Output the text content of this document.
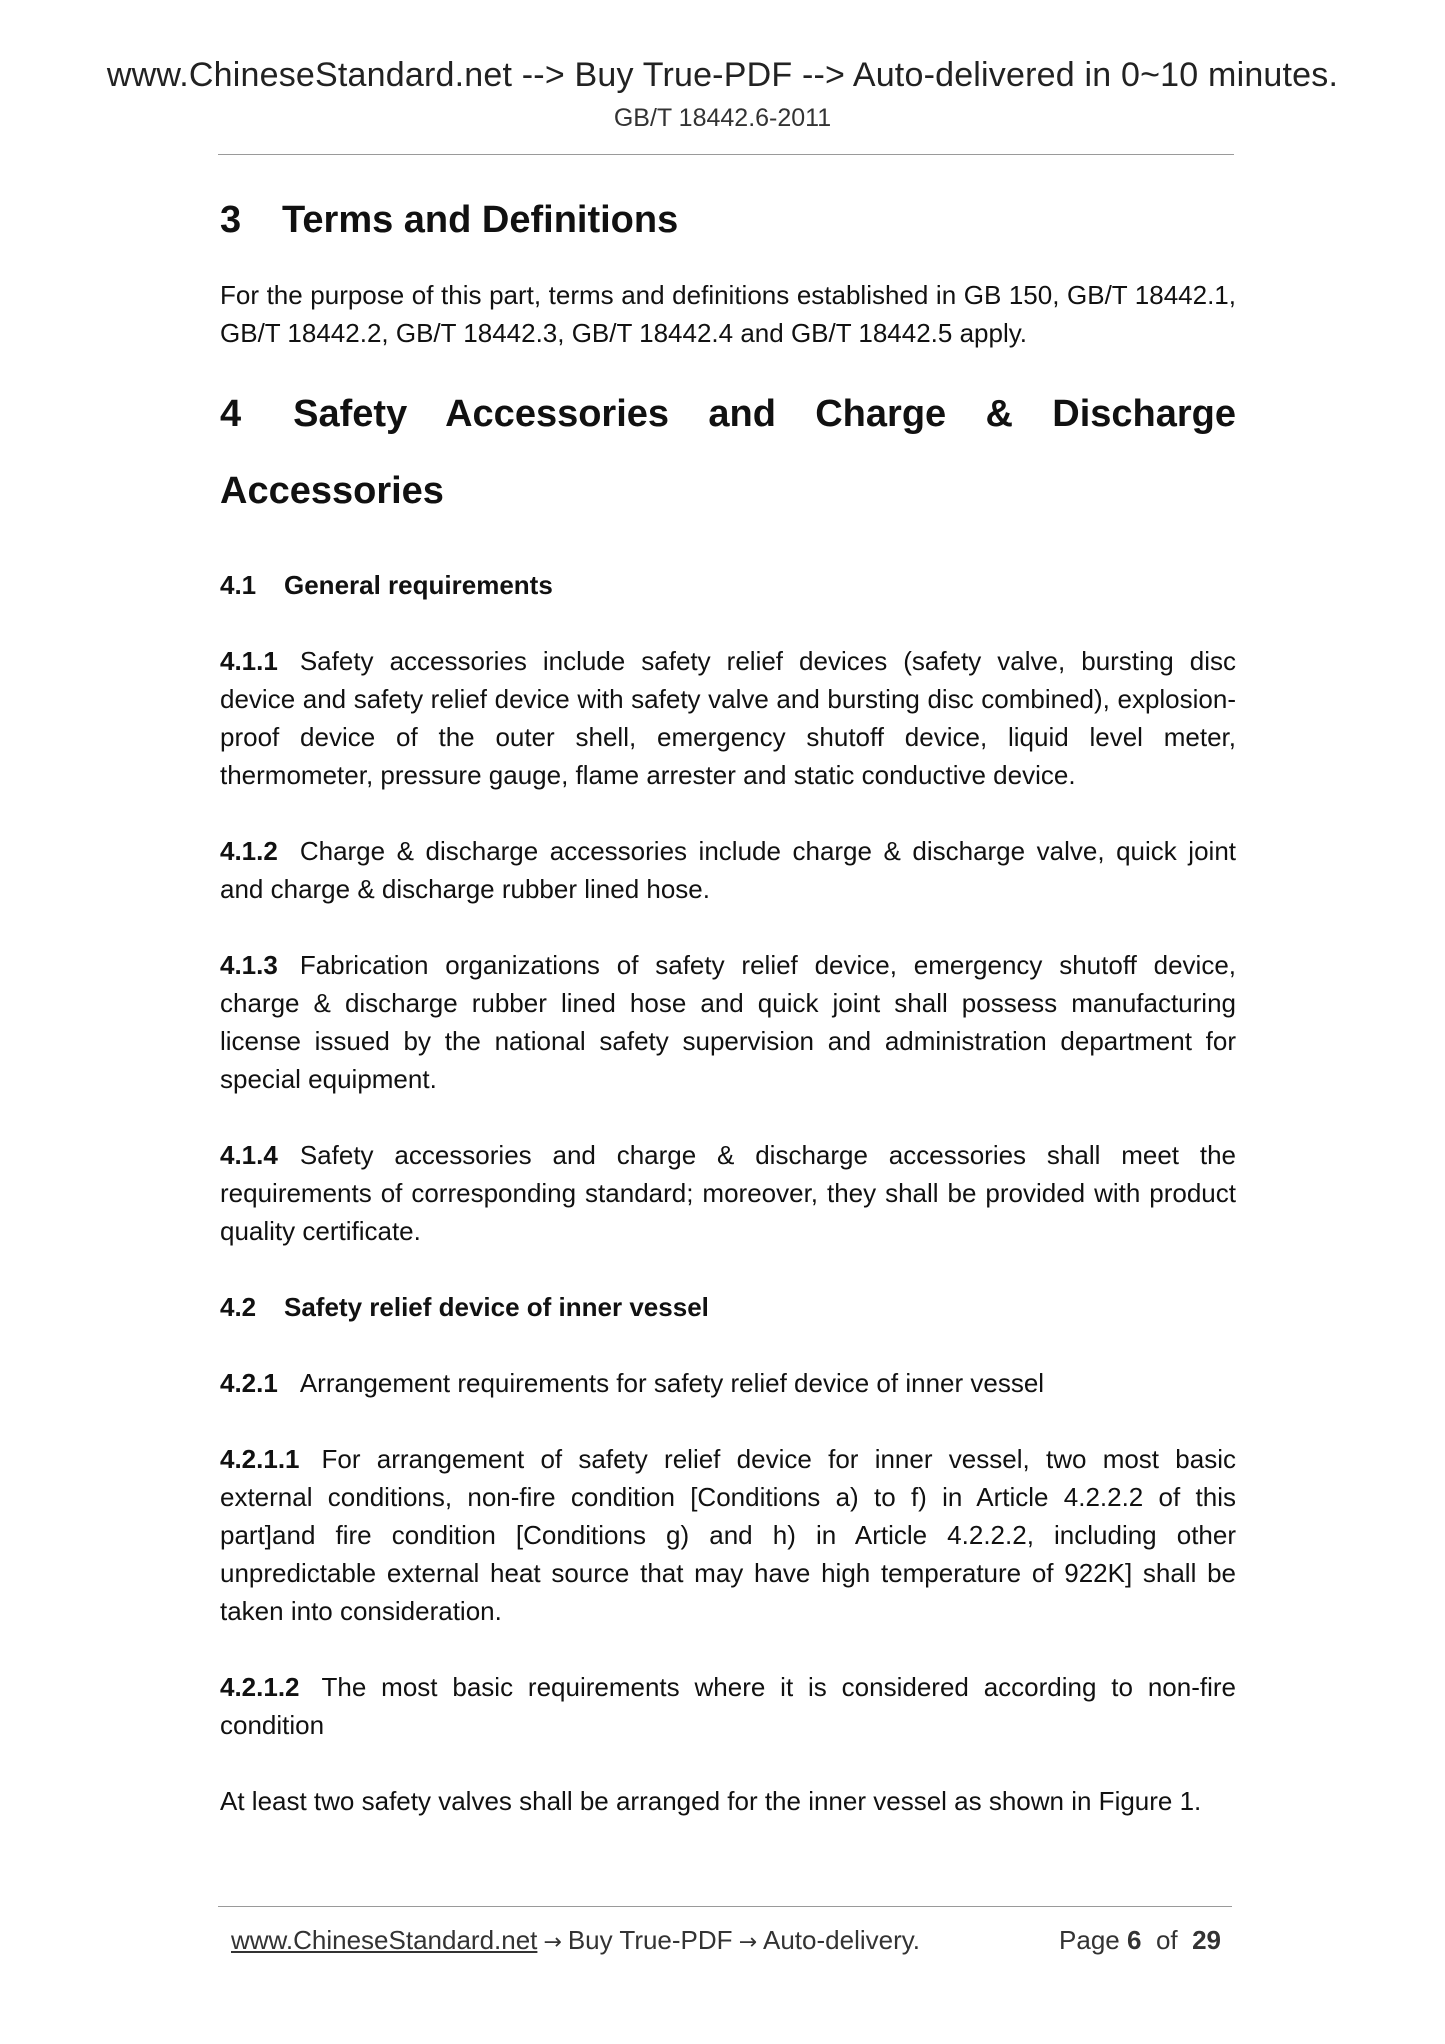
www.ChineseStandard.net --> Buy True-PDF --> Auto-delivered in 0~10 minutes.
GB/T 18442.6-2011
3 Terms and Definitions

For the purpose of this part, terms and definitions established in GB 150, GB/T 18442.1, GB/T 18442.2, GB/T 18442.3, GB/T 18442.4 and GB/T 18442.5 apply.

4 Safety Accessories and Charge & Discharge Accessories
4.1 General requirements

4.1.1 Safety accessories include safety relief devices (safety valve, bursting disc device and safety relief device with safety valve and bursting disc combined), explosion-proof device of the outer shell, emergency shutoff device, liquid level meter, thermometer, pressure gauge, flame arrester and static conductive device.

4.1.2 Charge & discharge accessories include charge & discharge valve, quick joint and charge & discharge rubber lined hose.

4.1.3 Fabrication organizations of safety relief device, emergency shutoff device, charge & discharge rubber lined hose and quick joint shall possess manufacturing license issued by the national safety supervision and administration department for special equipment.

4.1.4 Safety accessories and charge & discharge accessories shall meet the requirements of corresponding standard; moreover, they shall be provided with product quality certificate.

4.2 Safety relief device of inner vessel

4.2.1 Arrangement requirements for safety relief device of inner vessel

4.2.1.1 For arrangement of safety relief device for inner vessel, two most basic external conditions, non-fire condition [Conditions a) to f) in Article 4.2.2.2 of this part]and fire condition [Conditions g) and h) in Article 4.2.2.2, including other unpredictable external heat source that may have high temperature of 922K] shall be taken into consideration.

4.2.1.2 The most basic requirements where it is considered according to non-fire condition

At least two safety valves shall be arranged for the inner vessel as shown in Figure 1.

www.ChineseStandard.net → Buy True-PDF → Auto-delivery.	Page 6 of 29
